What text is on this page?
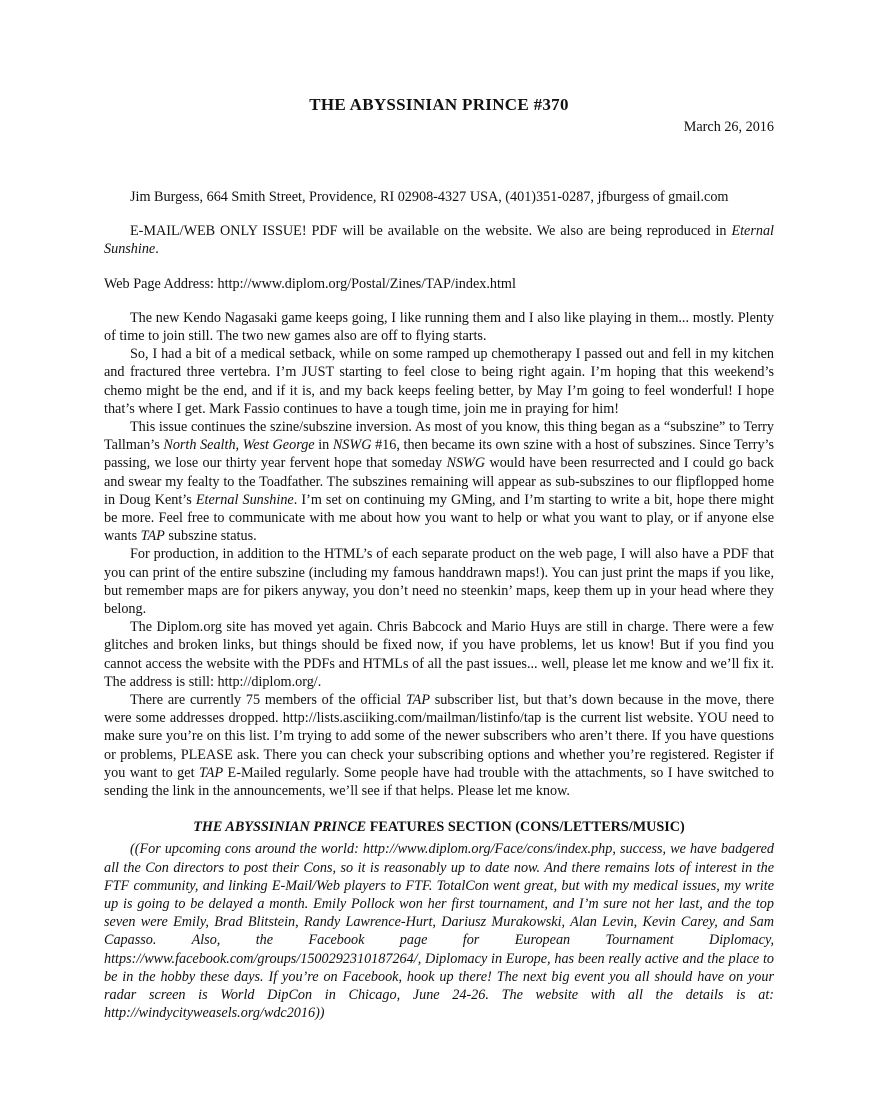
THE ABYSSINIAN PRINCE #370
March 26, 2016
Jim Burgess, 664 Smith Street, Providence, RI 02908-4327 USA, (401)351-0287, jfburgess of gmail.com
E-MAIL/WEB ONLY ISSUE! PDF will be available on the website. We also are being reproduced in Eternal Sunshine.
Web Page Address: http://www.diplom.org/Postal/Zines/TAP/index.html

The new Kendo Nagasaki game keeps going, I like running them and I also like playing in them... mostly. Plenty of time to join still. The two new games also are off to flying starts.

So, I had a bit of a medical setback, while on some ramped up chemotherapy I passed out and fell in my kitchen and fractured three vertebra. I’m JUST starting to feel close to being right again. I’m hoping that this weekend’s chemo might be the end, and if it is, and my back keeps feeling better, by May I’m going to feel wonderful! I hope that’s where I get. Mark Fassio continues to have a tough time, join me in praying for him!

This issue continues the szine/subszine inversion. As most of you know, this thing began as a “subszine” to Terry Tallman’s North Sealth, West George in NSWG #16, then became its own szine with a host of subszines. Since Terry’s passing, we lose our thirty year fervent hope that someday NSWG would have been resurrected and I could go back and swear my fealty to the Toadfather. The subszines remaining will appear as sub-subszines to our flipflopped home in Doug Kent’s Eternal Sunshine. I’m set on continuing my GMing, and I’m starting to write a bit, hope there might be more. Feel free to communicate with me about how you want to help or what you want to play, or if anyone else wants TAP subszine status.

For production, in addition to the HTML’s of each separate product on the web page, I will also have a PDF that you can print of the entire subszine (including my famous handdrawn maps!). You can just print the maps if you like, but remember maps are for pikers anyway, you don’t need no steenkin’ maps, keep them up in your head where they belong.

The Diplom.org site has moved yet again. Chris Babcock and Mario Huys are still in charge. There were a few glitches and broken links, but things should be fixed now, if you have problems, let us know! But if you find you cannot access the website with the PDFs and HTMLs of all the past issues... well, please let me know and we’ll fix it. The address is still: http://diplom.org/.

There are currently 75 members of the official TAP subscriber list, but that’s down because in the move, there were some addresses dropped. http://lists.asciiking.com/mailman/listinfo/tap is the current list website. YOU need to make sure you’re on this list. I’m trying to add some of the newer subscribers who aren’t there. If you have questions or problems, PLEASE ask. There you can check your subscribing options and whether you’re registered. Register if you want to get TAP E-Mailed regularly. Some people have had trouble with the attachments, so I have switched to sending the link in the announcements, we’ll see if that helps. Please let me know.

THE ABYSSINIAN PRINCE FEATURES SECTION (CONS/LETTERS/MUSIC)
((For upcoming cons around the world: http://www.diplom.org/Face/cons/index.php, success, we have badgered all the Con directors to post their Cons, so it is reasonably up to date now. And there remains lots of interest in the FTF community, and linking E-Mail/Web players to FTF. TotalCon went great, but with my medical issues, my write up is going to be delayed a month. Emily Pollock won her first tournament, and I’m sure not her last, and the top seven were Emily, Brad Blitstein, Randy Lawrence-Hurt, Dariusz Murakowski, Alan Levin, Kevin Carey, and Sam Capasso. Also, the Facebook page for European Tournament Diplomacy, https://www.facebook.com/groups/1500292310187264/, Diplomacy in Europe, has been really active and the place to be in the hobby these days. If you’re on Facebook, hook up there! The next big event you all should have on your radar screen is World DipCon in Chicago, June 24-26. The website with all the details is at: http://windycityweasels.org/wdc2016))
